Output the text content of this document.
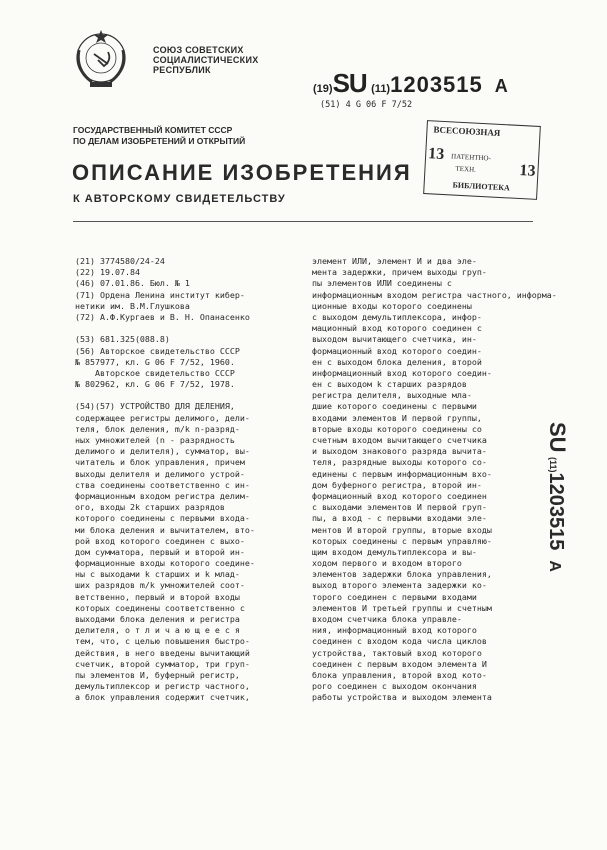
СОЮЗ СОВЕТСКИХ
СОЦИАЛИСТИЧЕСКИХ
РЕСПУБЛИК
(19)SU (11)1203515 A
(51) 4 G 06 F 7/52
ГОСУДАРСТВЕННЫЙ КОМИТЕТ СССР
ПО ДЕЛАМ ИЗОБРЕТЕНИЙ И ОТКРЫТИЙ
ОПИСАНИЕ ИЗОБРЕТЕНИЯ
К АВТОРСКОМУ СВИДЕТЕЛЬСТВУ
ВСЕСОЮЗНАЯ
13 ПАТЕНТНО-
ТЕХН.	13
БИБЛИОТЕКА
(21) 3774580/24-24
(22) 19.07.84
(46) 07.01.86. Бюл. № 1
(71) Ордена Ленина институт кибер-
нетики им. В.М.Глушкова
(72) А.Ф.Кургаев и В. Н. Опанасенко
(53) 681.325(088.8)
(56) Авторское свидетельство СССР
№ 857977, кл. G 06 F 7/52, 1960.
Авторское свидетельство СССР
№ 802962, кл. G 06 F 7/52, 1978.
(54)(57) УСТРОЙСТВО ДЛЯ ДЕЛЕНИЯ,
содержащее регистры делимого, дели-
теля, блок деления, m/k n-разряд-
ных умножителей (n - разрядность
делимого и делителя), сумматор, вы-
читатель и блок управления, причем
выходы делителя и делимого устрой-
ства соединены соответственно с ин-
формационным входом регистра делим-
ого, входы 2k старших разрядов
которого соединены с первыми входа-
ми блока деления и вычитателем, вто-
рой вход которого соединен с выхо-
дом сумматора, первый и второй ин-
формационные входы которого соедине-
ны с выходами k старших и k млад-
ших разрядов m/k умножителей соот-
ветственно, первый и второй входы
которых соединены соответственно с
выходами блока деления и регистра
делителя, о т л и ч а ю щ е е с я
тем, что, с целью повышения быстро-
действия, в него введены вычитающий
счетчик, второй сумматор, три груп-
пы элементов И, буферный регистр,
демультиплексор и регистр частного,
а блок управления содержит счетчик,
элемент ИЛИ, элемент И и два эле-
мента задержки, причем выходы груп-
пы элементов ИЛИ соединены с
информационным входом регистра частного, информа-
ционные входы которого соединены
с выходом демультиплексора, инфор-
мационный вход которого соединен с
выходом вычитающего счетчика, ин-
формационный вход которого соедин-
ен с выходом блока деления, второй
информационный вход которого соедин-
ен с выходом k старших разрядов
регистра делителя, выходные мла-
дшие которого соединены с первыми
входами элементов И первой группы,
вторые входы которого соединены со
счетным входом вычитающего счетчика
и выходом знакового разряда вычита-
теля, разрядные выходы которого со-
единены с первым информационным вхо-
дом буферного регистра, второй ин-
формационный вход которого соединен
с выходами элементов И первой груп-
пы, а вход - с первыми входами эле-
ментов И второй группы, вторые входы
которых соединены с первым управляю-
щим входом демультиплексора и вы-
ходом первого и входом второго
элементов задержки блока управления,
выход второго элемента задержки ко-
торого соединен с первыми входами
элементов И третьей группы и счетным
входом счетчика блока управле-
ния, информационный вход которого
соединен с входом кода числа циклов
устройства, тактовый вход которого
соединен с первым входом элемента И
блока управления, второй вход кото-
рого соединен с выходом окончания
работы устройства и выходом элемента
SU (11)1203515A
